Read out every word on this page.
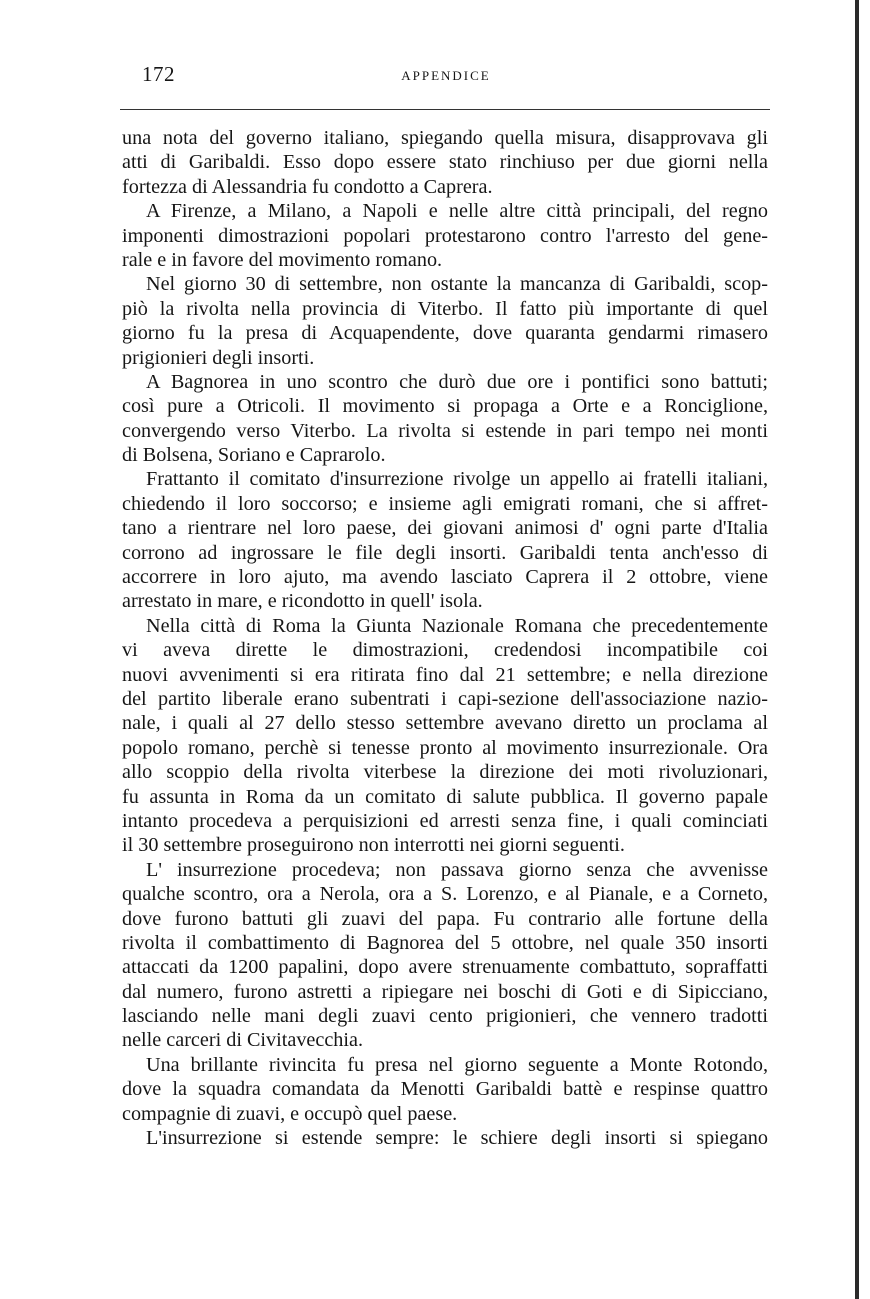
172	APPENDICE
una nota del governo italiano, spiegando quella misura, disapprovava gli
atti di Garibaldi. Esso dopo essere stato rinchiuso per due giorni nella
fortezza di Alessandria fu condotto a Caprera.
A Firenze, a Milano, a Napoli e nelle altre città principali, del regno
imponenti dimostrazioni popolari protestarono contro l'arresto del gene-
rale e in favore del movimento romano.
Nel giorno 30 di settembre, non ostante la mancanza di Garibaldi, scop-
piò la rivolta nella provincia di Viterbo. Il fatto più importante di quel
giorno fu la presa di Acquapendente, dove quaranta gendarmi rimasero
prigionieri degli insorti.
A Bagnorea in uno scontro che durò due ore i pontifici sono battuti;
così pure a Otricoli. Il movimento si propaga a Orte e a Ronciglione,
convergendo verso Viterbo. La rivolta si estende in pari tempo nei monti
di Bolsena, Soriano e Caprarolo.
Frattanto il comitato d'insurrezione rivolge un appello ai fratelli italiani,
chiedendo il loro soccorso; e insieme agli emigrati romani, che si affret-
tano a rientrare nel loro paese, dei giovani animosi d' ogni parte d'Italia
corrono ad ingrossare le file degli insorti. Garibaldi tenta anch'esso di
accorrere in loro ajuto, ma avendo lasciato Caprera il 2 ottobre, viene
arrestato in mare, e ricondotto in quell' isola.
Nella città di Roma la Giunta Nazionale Romana che precedentemente
vi aveva dirette le dimostrazioni, credendosi incompatibile coi
nuovi avvenimenti si era ritirata fino dal 21 settembre; e nella direzione
del partito liberale erano subentrati i capi-sezione dell'associazione nazio-
nale, i quali al 27 dello stesso settembre avevano diretto un proclama al
popolo romano, perchè si tenesse pronto al movimento insurrezionale. Ora
allo scoppio della rivolta viterbese la direzione dei moti rivoluzionari,
fu assunta in Roma da un comitato di salute pubblica. Il governo papale
intanto procedeva a perquisizioni ed arresti senza fine, i quali cominciati
il 30 settembre proseguirono non interrotti nei giorni seguenti.
L' insurrezione procedeva; non passava giorno senza che avvenisse
qualche scontro, ora a Nerola, ora a S. Lorenzo, e al Pianale, e a Corneto,
dove furono battuti gli zuavi del papa. Fu contrario alle fortune della
rivolta il combattimento di Bagnorea del 5 ottobre, nel quale 350 insorti
attaccati da 1200 papalini, dopo avere strenuamente combattuto, sopraffatti
dal numero, furono astretti a ripiegare nei boschi di Goti e di Sipicciano,
lasciando nelle mani degli zuavi cento prigionieri, che vennero tradotti
nelle carceri di Civitavecchia.
Una brillante rivincita fu presa nel giorno seguente a Monte Rotondo,
dove la squadra comandata da Menotti Garibaldi battè e respinse quattro
compagnie di zuavi, e occupò quel paese.
L'insurrezione si estende sempre: le schiere degli insorti si spiegano
